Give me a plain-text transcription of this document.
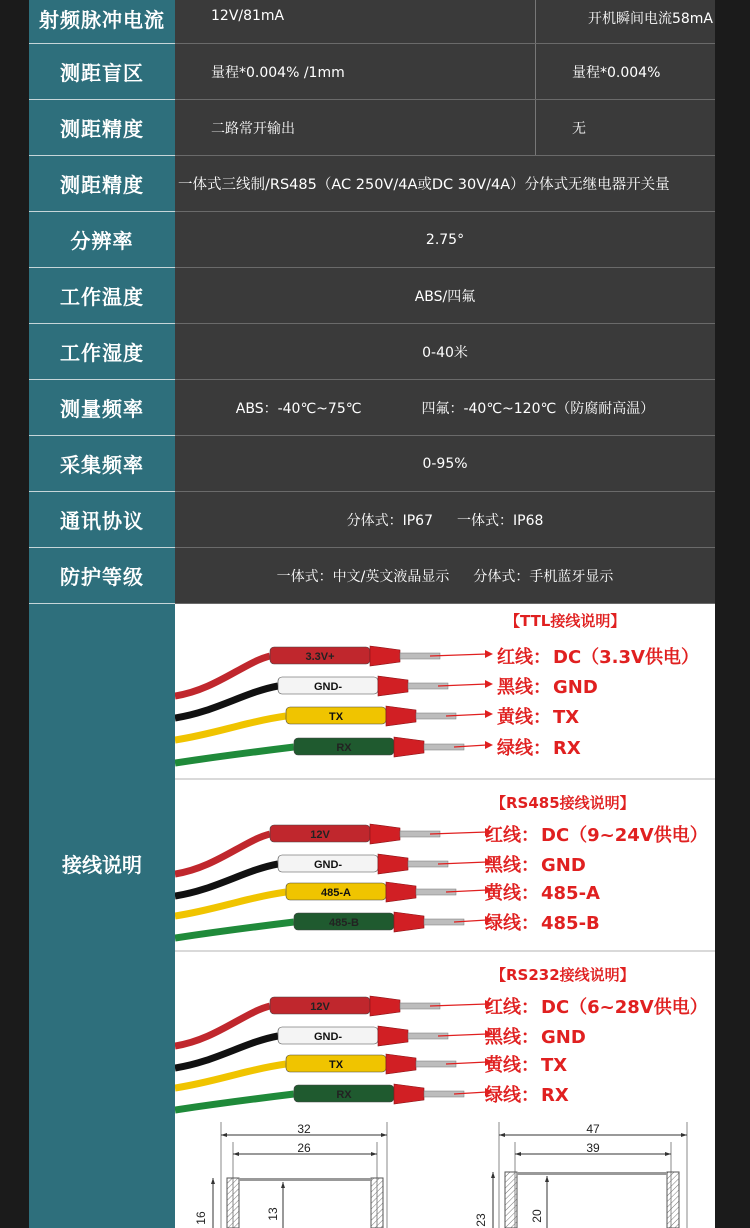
射频脉冲电流	12V/81mA	开机瞬间电流58mA
测距盲区	量程*0.004% /1mm	量程*0.004%
测距精度	二路常开输出	无
测距精度	一体式三线制/RS485（AC 250V/4A或DC 30V/4A）分体式无继电器开关量
分辨率	2.75°
工作温度	ABS/四氟
工作湿度	0-40米
测量频率	ABS：-40℃~75℃	四氟：-40℃~120℃（防腐耐高温）
采集频率	0-95%
通讯协议	分体式：IP67 一体式：IP68
防护等级	一体式：中文/英文液晶显示 分体式：手机蓝牙显示
接线说明
3.3V+
GND-
TX
RX
【TTL接线说明】
红线： DC（3.3V供电）
黑线： GND
黄线： TX
绿线： RX
12V
GND-
485-A
485-B
【RS485接线说明】
红线： DC（9~24V供电）
黑线： GND
黄线： 485-A
绿线： 485-B
12V
GND-
TX
RX
【RS232接线说明】
红线： DC（6~28V供电）
黑线： GND
黄线： TX
绿线： RX
32
26
16	13
47
39
23	20
